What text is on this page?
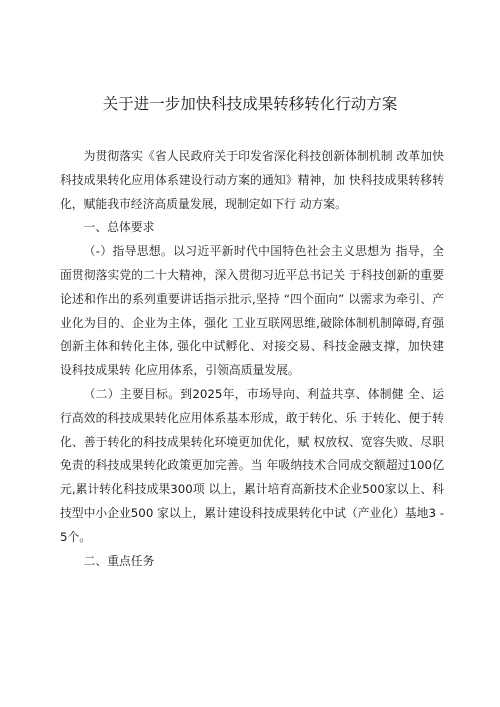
关于进一步加快科技成果转移转化行动方案

为贯彻落实《省人民政府关于印发省深化科技创新体制机制 改革加快科技成果转化应用体系建设行动方案的通知》精神，加 快科技成果转移转化，赋能我市经济高质量发展，现制定如下行 动方案。

一、总体要求

（-）指导思想。以习近平新时代中国特色社会主义思想为 指导，全面贯彻落实党的二十大精神，深入贯彻习近平总书记关 于科技创新的重要论述和作出的系列重要讲话指示批示,坚持 “四个面向” 以需求为牵引、产业化为目的、企业为主体，强化 工业互联网思维,破除体制机制障碍,育强创新主体和转化主体, 强化中试孵化、对接交易、科技金融支撑，加快建设科技成果转 化应用体系，引领高质量发展。

（二）主要目标。到2025年，市场导向、利益共享、体制健 全、运行高效的科技成果转化应用体系基本形成，敢于转化、乐 于转化、便于转化、善于转化的科技成果转化环境更加优化，赋 权放权、宽容失败、尽职免责的科技成果转化政策更加完善。当 年吸纳技术合同成交额超过100亿元,累计转化科技成果300项 以上，累计培育高新技术企业500家以上、科技型中小企业500 家以上，累计建设科技成果转化中试（产业化）基地3 - 5个。

二、重点任务
